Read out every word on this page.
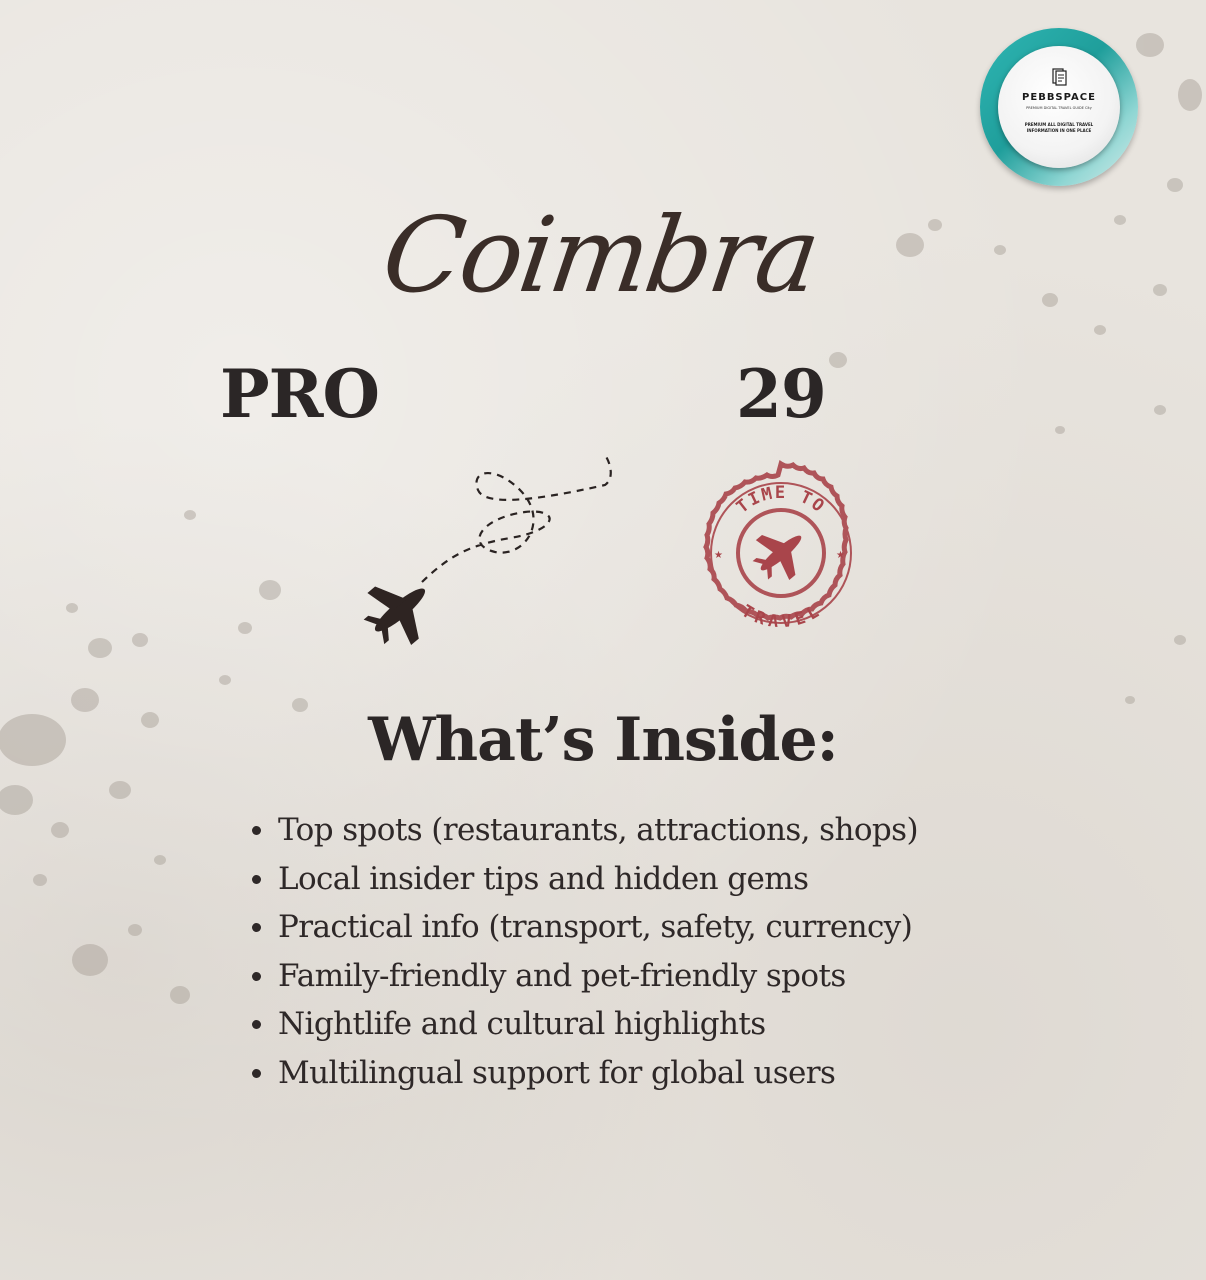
PEBBSPACE
PREMIUM DIGITAL TRAVEL GUIDE City
PREMIUM ALL DIGITAL TRAVEL INFORMATION IN ONE PLACE
Coimbra
PRO	29
TIME TO
TRAVEL
★	★
What’s Inside:
Top spots (restaurants, attractions, shops)
Local insider tips and hidden gems
Practical info (transport, safety, currency)
Family-friendly and pet-friendly spots
Nightlife and cultural highlights
Multilingual support for global users
